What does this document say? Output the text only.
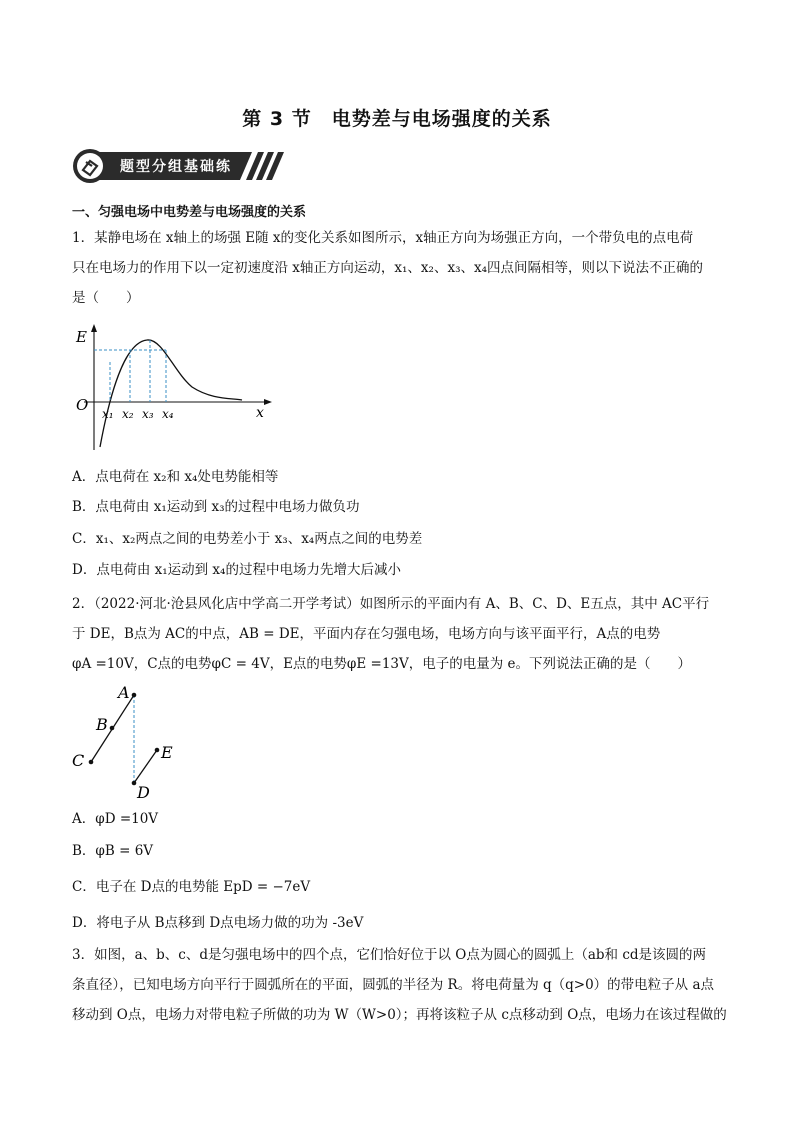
第 3 节　电势差与电场强度的关系
题型分组基础练
一、匀强电场中电势差与电场强度的关系
1．某静电场在 x轴上的场强 E随 x的变化关系如图所示，x轴正方向为场强正方向，一个带负电的点电荷
只在电场力的作用下以一定初速度沿 x轴正方向运动，x₁、x₂、x₃、x₄四点间隔相等，则以下说法不正确的
是（　　）
E
O	x
x₁ x₂ x₃ x₄
A．点电荷在 x₂和 x₄处电势能相等
B．点电荷由 x₁运动到 x₃的过程中电场力做负功
C．x₁、x₂两点之间的电势差小于 x₃、x₄两点之间的电势差
D．点电荷由 x₁运动到 x₄的过程中电场力先增大后减小
2．（2022·河北·沧县风化店中学高二开学考试）如图所示的平面内有 A、B、C、D、E五点，其中 AC平行
于 DE，B点为 AC的中点，AB = DE，平面内存在匀强电场，电场方向与该平面平行，A点的电势
φA =10V，C点的电势φC = 4V，E点的电势φE =13V，电子的电量为 e。下列说法正确的是（　　）
A
B
C
D
E
A．φD =10V
B．φB = 6V
C．电子在 D点的电势能 EpD = −7eV
D．将电子从 B点移到 D点电场力做的功为 -3eV
3．如图，a、b、c、d是匀强电场中的四个点，它们恰好位于以 O点为圆心的圆弧上（ab和 cd是该圆的两
条直径），已知电场方向平行于圆弧所在的平面，圆弧的半径为 R。将电荷量为 q（q>0）的带电粒子从 a点
移动到 O点，电场力对带电粒子所做的功为 W（W>0）；再将该粒子从 c点移动到 O点，电场力在该过程做的
